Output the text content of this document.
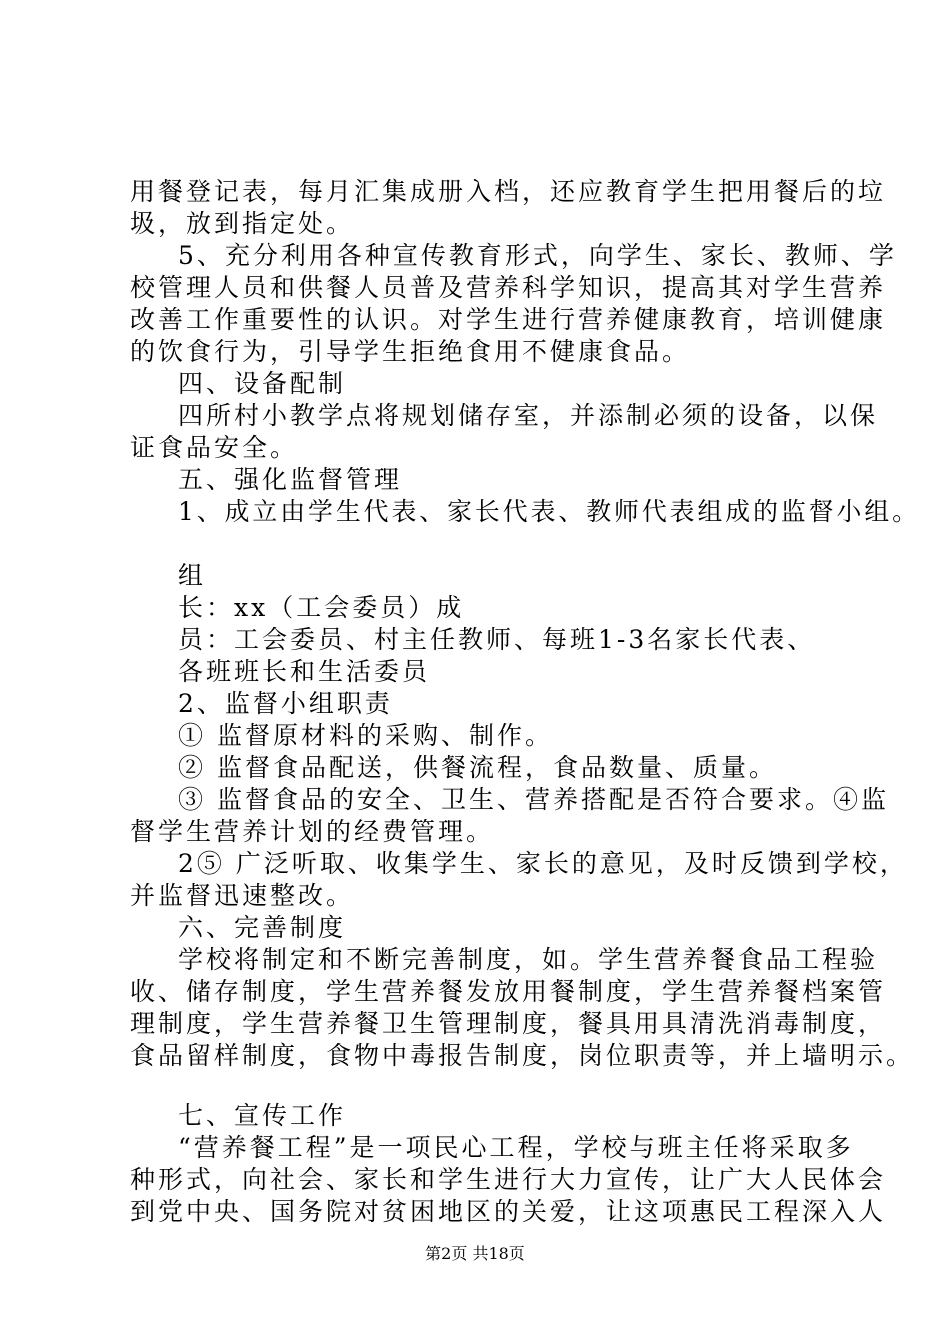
用餐登记表，每月汇集成册入档，还应教育学生把用餐后的垃
圾，放到指定处。
5、充分利用各种宣传教育形式，向学生、家长、教师、学
校管理人员和供餐人员普及营养科学知识，提高其对学生营养
改善工作重要性的认识。对学生进行营养健康教育，培训健康
的饮食行为，引导学生拒绝食用不健康食品。
四、设备配制
四所村小教学点将规划储存室，并添制必须的设备，以保
证食品安全。
五、强化监督管理
1、成立由学生代表、家长代表、教师代表组成的监督小组。
组
长：xx（工会委员）成
员：工会委员、村主任教师、每班1-3名家长代表、
各班班长和生活委员
2、监督小组职责
① 监督原材料的采购、制作。
② 监督食品配送，供餐流程，食品数量、质量。
③ 监督食品的安全、卫生、营养搭配是否符合要求。④监
督学生营养计划的经费管理。
2⑤ 广泛听取、收集学生、家长的意见，及时反馈到学校，
并监督迅速整改。
六、完善制度
学校将制定和不断完善制度，如。学生营养餐食品工程验
收、储存制度，学生营养餐发放用餐制度，学生营养餐档案管
理制度，学生营养餐卫生管理制度，餐具用具清洗消毒制度，
食品留样制度，食物中毒报告制度，岗位职责等，并上墙明示。
七、宣传工作
“营养餐工程”是一项民心工程，学校与班主任将采取多
种形式，向社会、家长和学生进行大力宣传，让广大人民体会
到党中央、国务院对贫困地区的关爱，让这项惠民工程深入人
第2页 共18页
